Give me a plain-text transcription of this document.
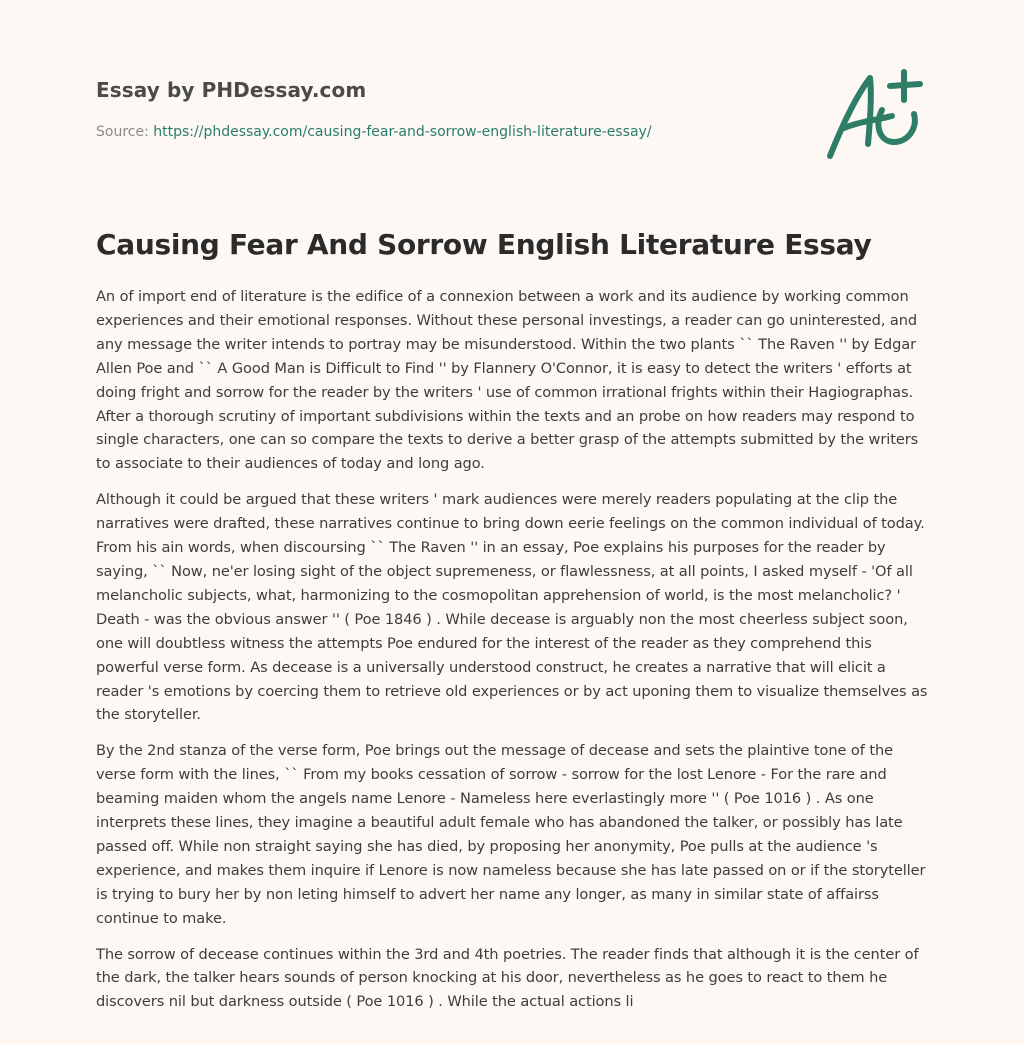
Essay by PHDessay.com
Source: https://phdessay.com/causing-fear-and-sorrow-english-literature-essay/
Causing Fear And Sorrow English Literature Essay

An of import end of literature is the edifice of a connexion between a work and its audience by working common experiences and their emotional responses. Without these personal investings, a reader can go uninterested, and any message the writer intends to portray may be misunderstood. Within the two plants `` The Raven '' by Edgar Allen Poe and `` A Good Man is Difficult to Find '' by Flannery O'Connor, it is easy to detect the writers ' efforts at doing fright and sorrow for the reader by the writers ' use of common irrational frights within their Hagiographas. After a thorough scrutiny of important subdivisions within the texts and an probe on how readers may respond to single characters, one can so compare the texts to derive a better grasp of the attempts submitted by the writers to associate to their audiences of today and long ago.

Although it could be argued that these writers ' mark audiences were merely readers populating at the clip the narratives were drafted, these narratives continue to bring down eerie feelings on the common individual of today. From his ain words, when discoursing `` The Raven '' in an essay, Poe explains his purposes for the reader by saying, `` Now, ne'er losing sight of the object supremeness, or flawlessness, at all points, I asked myself - 'Of all melancholic subjects, what, harmonizing to the cosmopolitan apprehension of world, is the most melancholic? ' Death - was the obvious answer '' ( Poe 1846 ) . While decease is arguably non the most cheerless subject soon, one will doubtless witness the attempts Poe endured for the interest of the reader as they comprehend this powerful verse form. As decease is a universally understood construct, he creates a narrative that will elicit a reader 's emotions by coercing them to retrieve old experiences or by act uponing them to visualize themselves as the storyteller.

By the 2nd stanza of the verse form, Poe brings out the message of decease and sets the plaintive tone of the verse form with the lines, `` From my books cessation of sorrow - sorrow for the lost Lenore - For the rare and beaming maiden whom the angels name Lenore - Nameless here everlastingly more '' ( Poe 1016 ) . As one interprets these lines, they imagine a beautiful adult female who has abandoned the talker, or possibly has late passed off. While non straight saying she has died, by proposing her anonymity, Poe pulls at the audience 's experience, and makes them inquire if Lenore is now nameless because she has late passed on or if the storyteller is trying to bury her by non leting himself to advert her name any longer, as many in similar state of affairss continue to make.

The sorrow of decease continues within the 3rd and 4th poetries. The reader finds that although it is the center of the dark, the talker hears sounds of person knocking at his door, nevertheless as he goes to react to them he discovers nil but darkness outside ( Poe 1016 ) . While the actual actions li
